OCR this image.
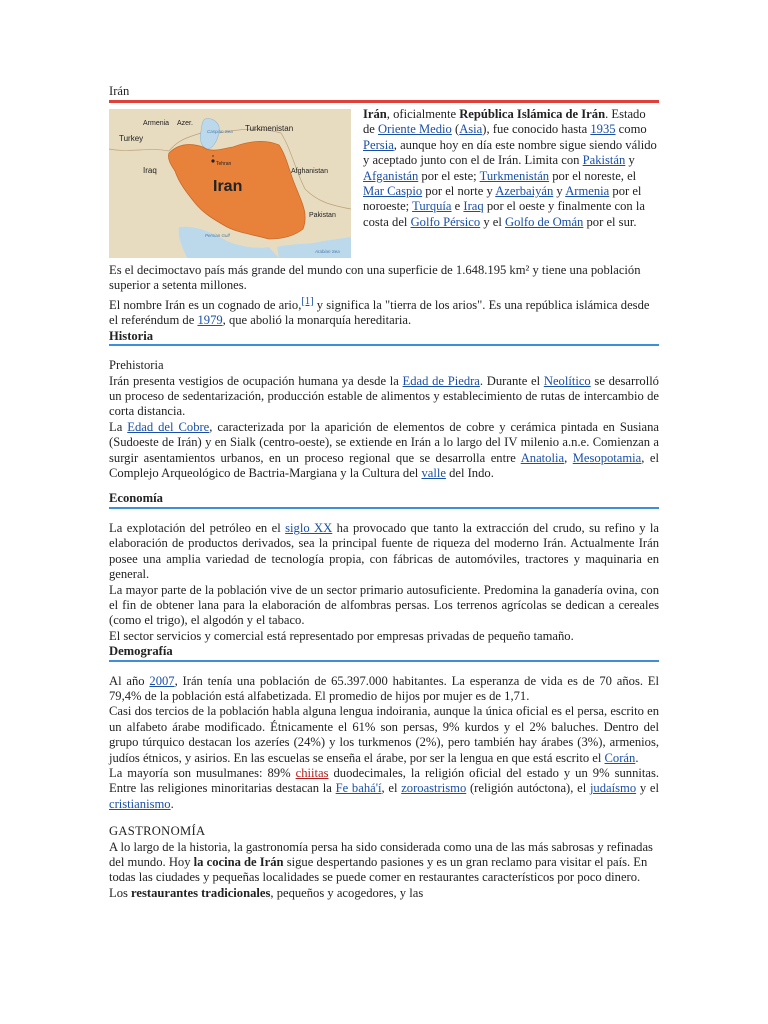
Irán

Armenia Azer.
Turkmenistan
Turkey
Caspian Sea
Iraq
Tehran
Iran
Afghanistan
Pakistan
Persian Gulf
Arabian Sea

Irán, oficialmente República Islámica de Irán. Estado de Oriente Medio (Asia), fue conocido hasta 1935 como Persia, aunque hoy en día este nombre sigue siendo válido y aceptado junto con el de Irán. Limita con Pakistán y Afganistán por el este; Turkmenistán por el noreste, el Mar Caspio por el norte y Azerbaiyán y Armenia por el noroeste; Turquía e Iraq por el oeste y finalmente con la costa del Golfo Pérsico y el Golfo de Omán por el sur.

Es el decimoctavo país más grande del mundo con una superficie de 1.648.195 km² y tiene una población superior a setenta millones.

El nombre Irán es un cognado de ario,[1] y significa la "tierra de los arios". Es una república islámica desde el referéndum de 1979, que abolió la monarquía hereditaria.

Historia

Prehistoria

Irán presenta vestigios de ocupación humana ya desde la Edad de Piedra. Durante el Neolítico se desarrolló un proceso de sedentarización, producción estable de alimentos y establecimiento de rutas de intercambio de corta distancia.

La Edad del Cobre, caracterizada por la aparición de elementos de cobre y cerámica pintada en Susiana (Sudoeste de Irán) y en Sialk (centro-oeste), se extiende en Irán a lo largo del IV milenio a.n.e. Comienzan a surgir asentamientos urbanos, en un proceso regional que se desarrolla entre Anatolia, Mesopotamia, el Complejo Arqueológico de Bactria-Margiana y la Cultura del valle del Indo.

Economía

La explotación del petróleo en el siglo XX ha provocado que tanto la extracción del crudo, su refino y la elaboración de productos derivados, sea la principal fuente de riqueza del moderno Irán. Actualmente Irán posee una amplia variedad de tecnología propia, con fábricas de automóviles, tractores y maquinaria en general.

La mayor parte de la población vive de un sector primario autosuficiente. Predomina la ganadería ovina, con el fin de obtener lana para la elaboración de alfombras persas. Los terrenos agrícolas se dedican a cereales (como el trigo), el algodón y el tabaco.

El sector servicios y comercial está representado por empresas privadas de pequeño tamaño.

Demografía

Al año 2007, Irán tenía una población de 65.397.000 habitantes. La esperanza de vida es de 70 años. El 79,4% de la población está alfabetizada. El promedio de hijos por mujer es de 1,71.

Casi dos tercios de la población habla alguna lengua indoirania, aunque la única oficial es el persa, escrito en un alfabeto árabe modificado. Étnicamente el 61% son persas, 9% kurdos y el 2% baluches. Dentro del grupo túrquico destacan los azeríes (24%) y los turkmenos (2%), pero también hay árabes (3%), armenios, judíos étnicos, y asirios. En las escuelas se enseña el árabe, por ser la lengua en que está escrito el Corán.

La mayoría son musulmanes: 89% chiitas duodecimales, la religión oficial del estado y un 9% sunnitas. Entre las religiones minoritarias destacan la Fe bahá'í, el zoroastrismo (religión autóctona), el judaísmo y el cristianismo.

GASTRONOMÍA

A lo largo de la historia, la gastronomía persa ha sido considerada como una de las más sabrosas y refinadas del mundo. Hoy la cocina de Irán sigue despertando pasiones y es un gran reclamo para visitar el país. En todas las ciudades y pequeñas localidades se puede comer en restaurantes característicos por poco dinero. Los restaurantes tradicionales, pequeños y acogedores, y las
